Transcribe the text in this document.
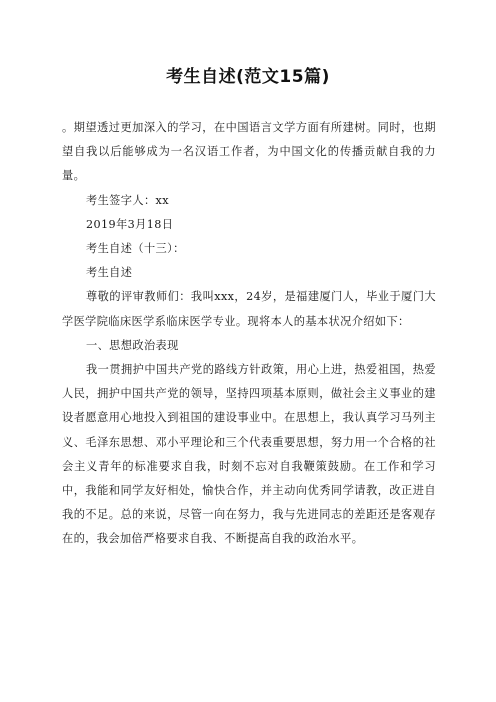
考生自述(范文15篇)

。期望透过更加深入的学习，在中国语言文学方面有所建树。同时，也期望自我以后能够成为一名汉语工作者，为中国文化的传播贡献自我的力量。

考生签字人：xx

2019年3月18日

考生自述（十三）：

考生自述

尊敬的评审教师们：我叫xxx，24岁，是福建厦门人，毕业于厦门大学医学院临床医学系临床医学专业。现将本人的基本状况介绍如下：

一、思想政治表现

我一贯拥护中国共产党的路线方针政策，用心上进，热爱祖国，热爱人民，拥护中国共产党的领导，坚持四项基本原则，做社会主义事业的建设者愿意用心地投入到祖国的建设事业中。在思想上，我认真学习马列主义、毛泽东思想、邓小平理论和三个代表重要思想，努力用一个合格的社会主义青年的标准要求自我，时刻不忘对自我鞭策鼓励。在工作和学习中，我能和同学友好相处，愉快合作，并主动向优秀同学请教，改正进自我的不足。总的来说，尽管一向在努力，我与先进同志的差距还是客观存在的，我会加倍严格要求自我、不断提高自我的政治水平。
